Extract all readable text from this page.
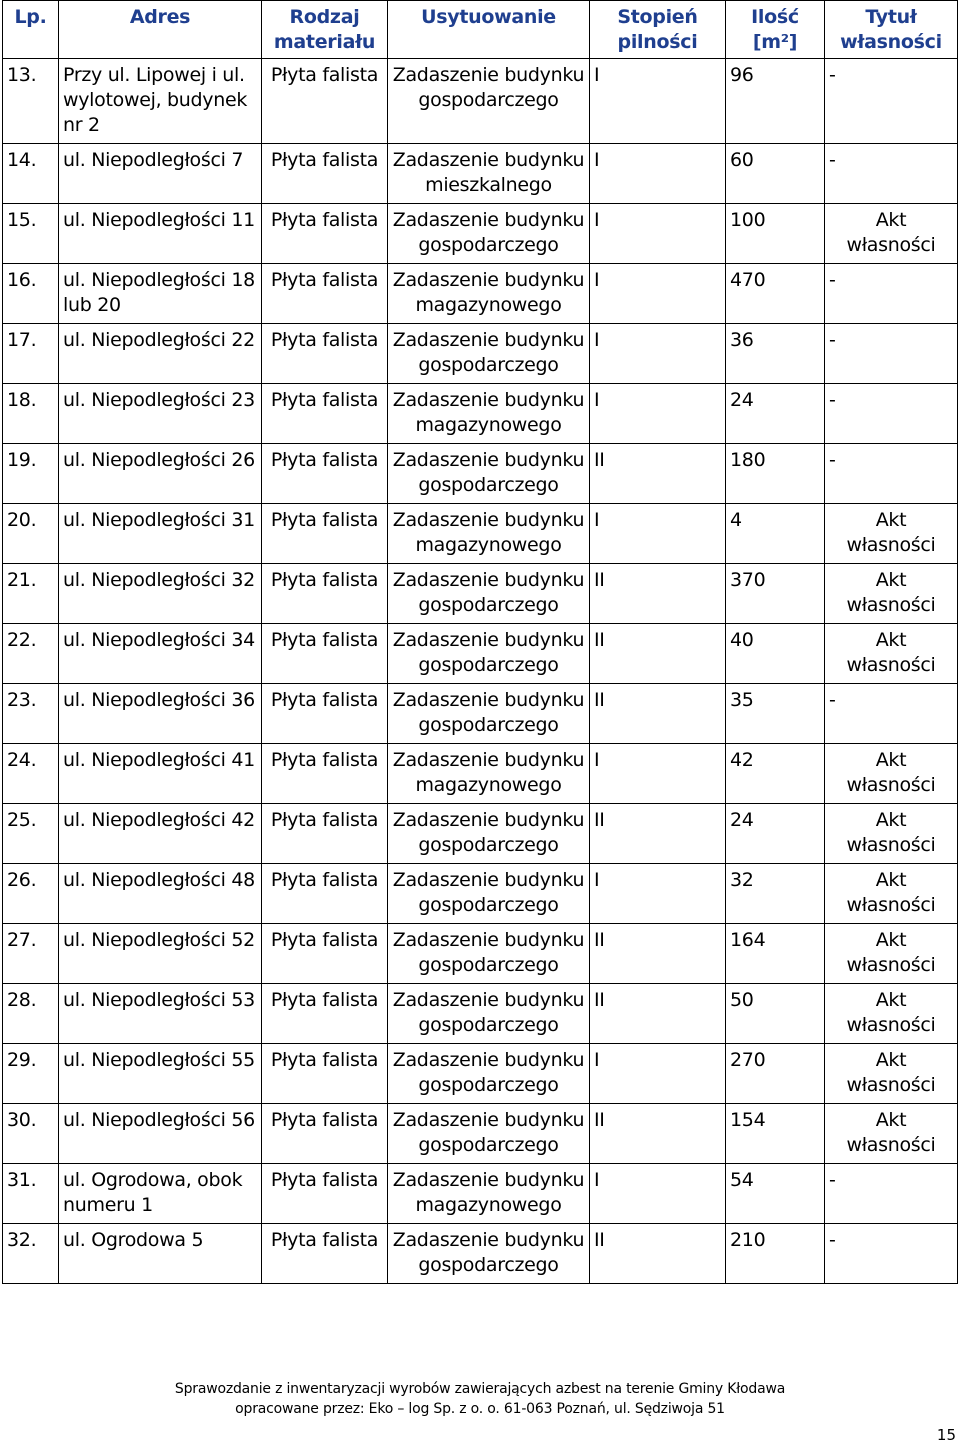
Lp.	Adres	Rodzaj materiału	Usytuowanie	Stopień pilności	Ilość [m²]	Tytuł własności
13.	Przy ul. Lipowej i ul. wylotowej, budynek nr 2	Płyta falista	Zadaszenie budynku gospodarczego	I	96	-
14.	ul. Niepodległości 7	Płyta falista	Zadaszenie budynku mieszkalnego	I	60	-
15.	ul. Niepodległości 11	Płyta falista	Zadaszenie budynku gospodarczego	I	100	Akt własności
16.	ul. Niepodległości 18 lub 20	Płyta falista	Zadaszenie budynku magazynowego	I	470	-
17.	ul. Niepodległości 22	Płyta falista	Zadaszenie budynku gospodarczego	I	36	-
18.	ul. Niepodległości 23	Płyta falista	Zadaszenie budynku magazynowego	I	24	-
19.	ul. Niepodległości 26	Płyta falista	Zadaszenie budynku gospodarczego	II	180	-
20.	ul. Niepodległości 31	Płyta falista	Zadaszenie budynku magazynowego	I	4	Akt własności
21.	ul. Niepodległości 32	Płyta falista	Zadaszenie budynku gospodarczego	II	370	Akt własności
22.	ul. Niepodległości 34	Płyta falista	Zadaszenie budynku gospodarczego	II	40	Akt własności
23.	ul. Niepodległości 36	Płyta falista	Zadaszenie budynku gospodarczego	II	35	-
24.	ul. Niepodległości 41	Płyta falista	Zadaszenie budynku magazynowego	I	42	Akt własności
25.	ul. Niepodległości 42	Płyta falista	Zadaszenie budynku gospodarczego	II	24	Akt własności
26.	ul. Niepodległości 48	Płyta falista	Zadaszenie budynku gospodarczego	I	32	Akt własności
27.	ul. Niepodległości 52	Płyta falista	Zadaszenie budynku gospodarczego	II	164	Akt własności
28.	ul. Niepodległości 53	Płyta falista	Zadaszenie budynku gospodarczego	II	50	Akt własności
29.	ul. Niepodległości 55	Płyta falista	Zadaszenie budynku gospodarczego	I	270	Akt własności
30.	ul. Niepodległości 56	Płyta falista	Zadaszenie budynku gospodarczego	II	154	Akt własności
31.	ul. Ogrodowa, obok numeru 1	Płyta falista	Zadaszenie budynku magazynowego	I	54	-
32.	ul. Ogrodowa 5	Płyta falista	Zadaszenie budynku gospodarczego	II	210	-
Sprawozdanie z inwentaryzacji wyrobów zawierających azbest na terenie Gminy Kłodawa
opracowane przez: Eko – log Sp. z o. o. 61-063 Poznań, ul. Sędziwoja 51
15
